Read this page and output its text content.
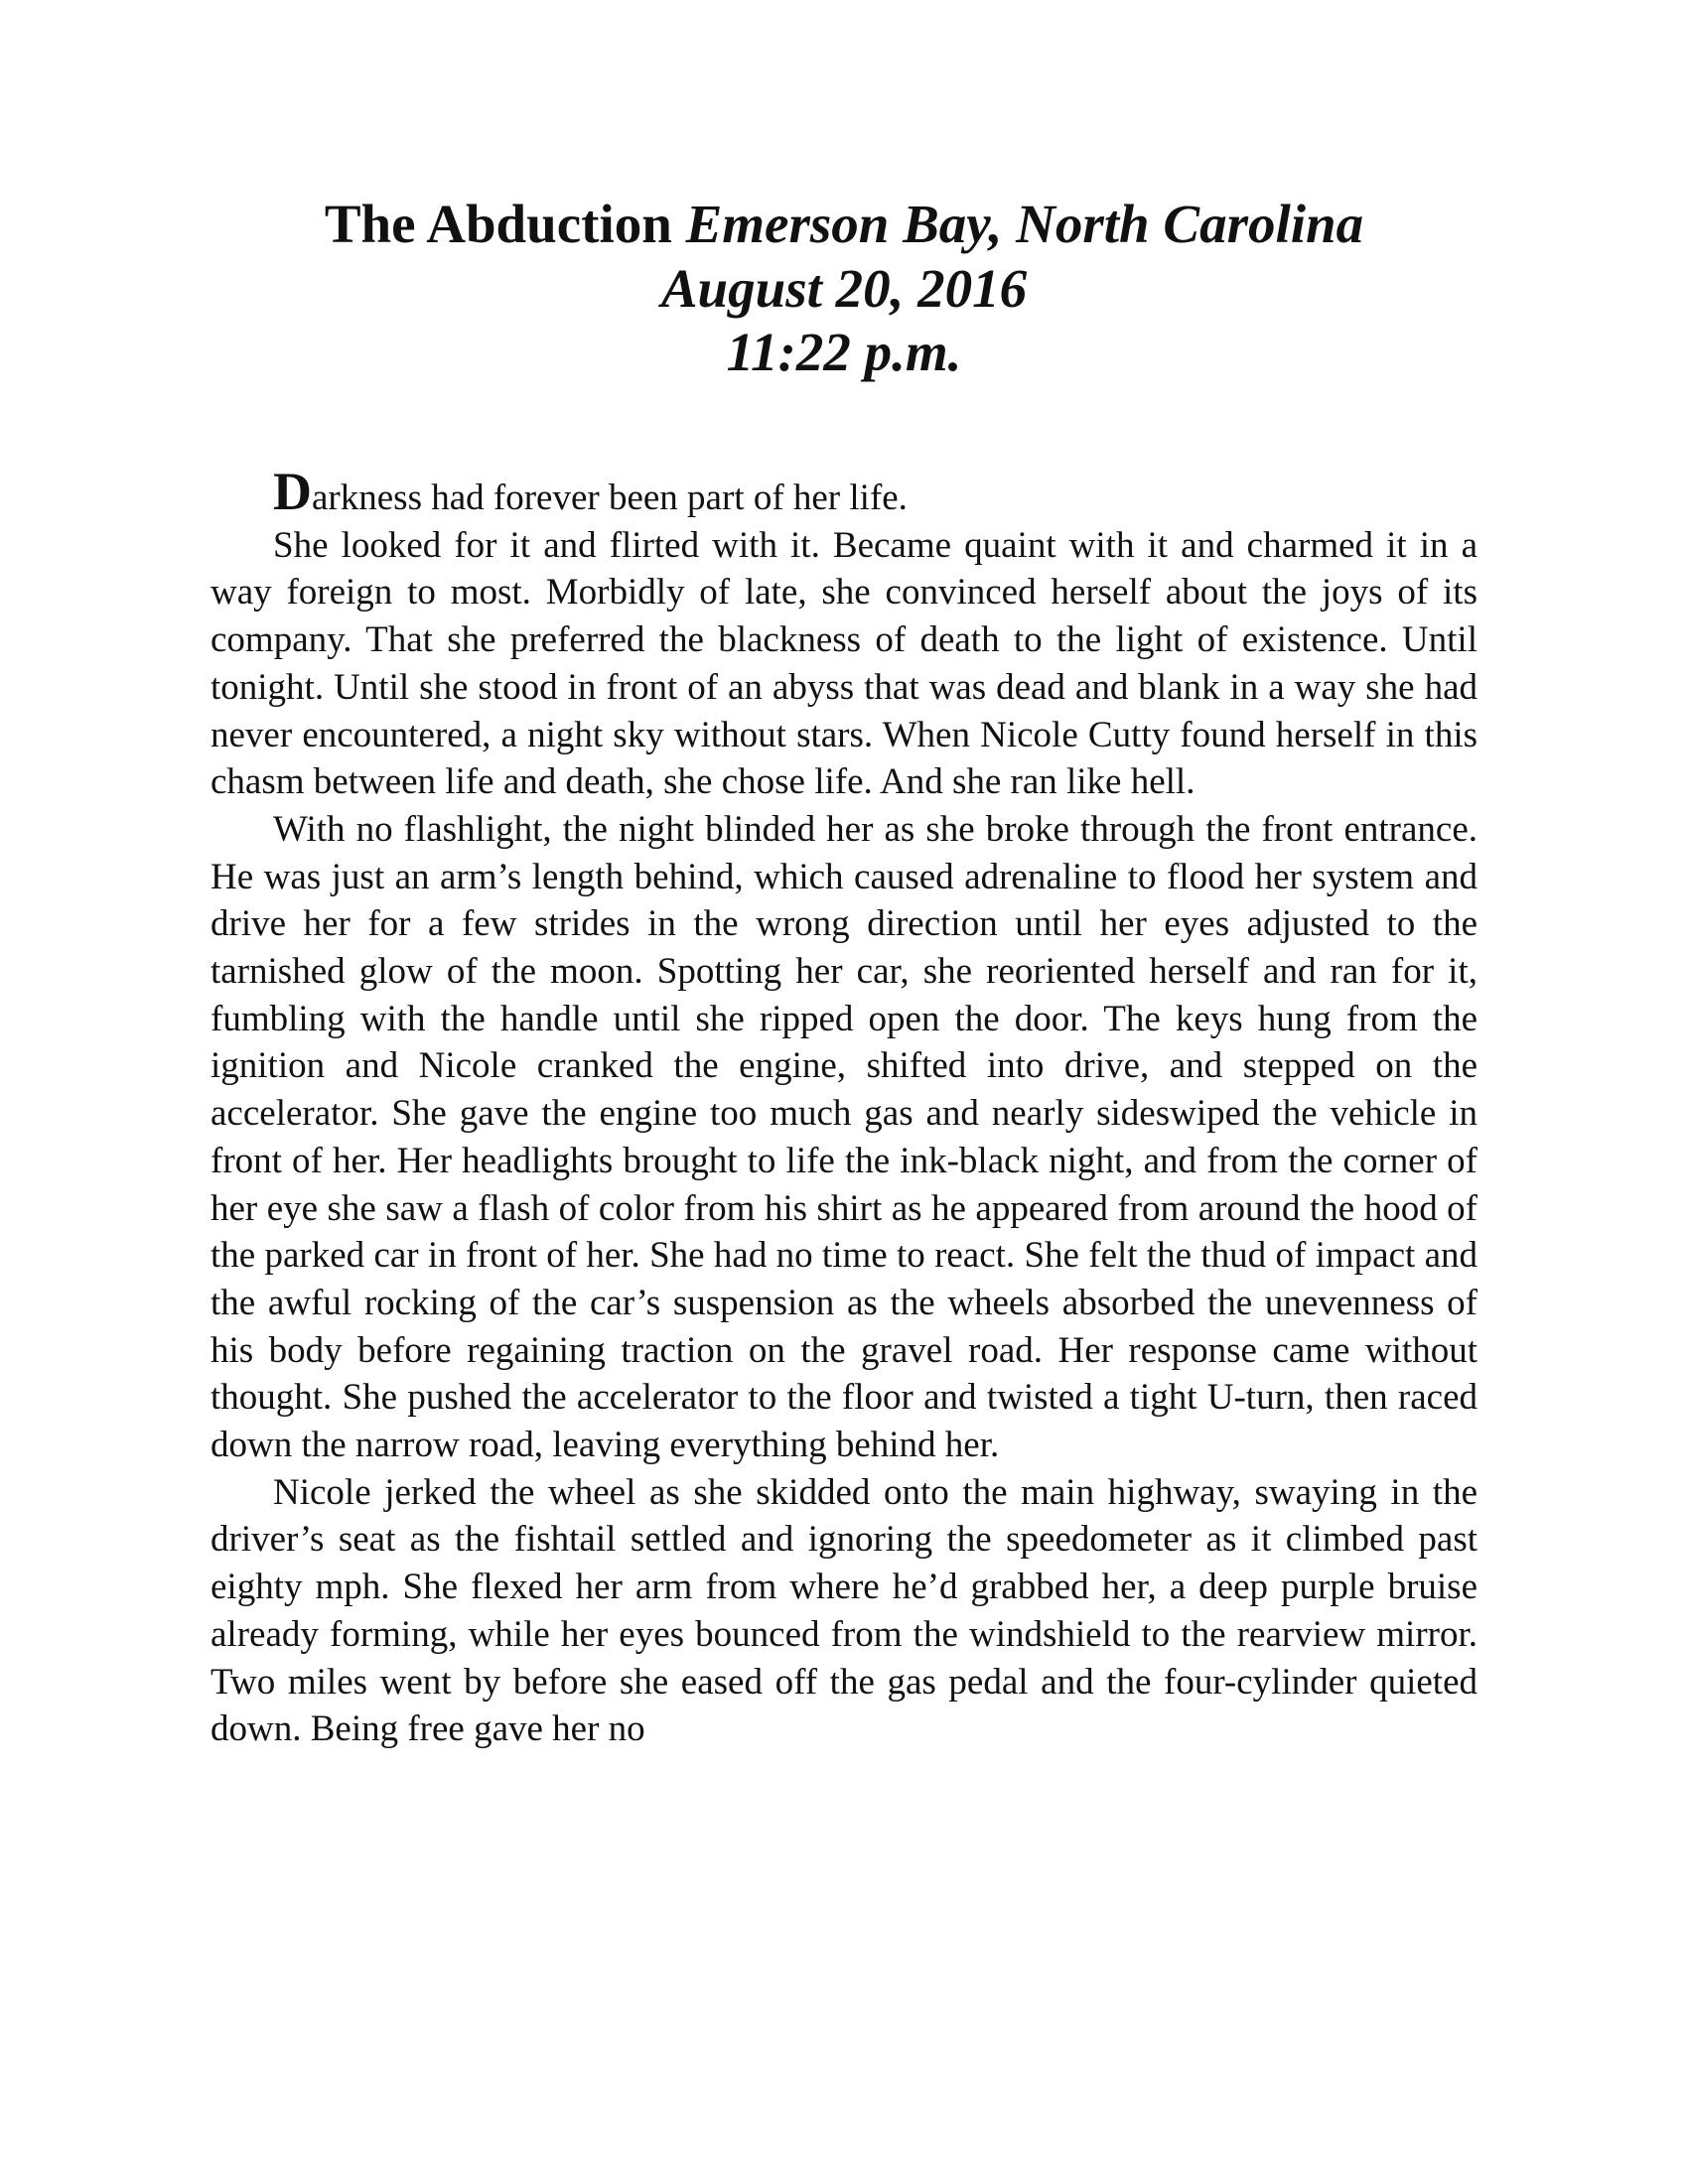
The Abduction Emerson Bay, North Carolina
August 20, 2016
11:22 p.m.

Darkness had forever been part of her life.

She looked for it and flirted with it. Became quaint with it and charmed it in a way foreign to most. Morbidly of late, she convinced herself about the joys of its company. That she preferred the blackness of death to the light of existence. Until tonight. Until she stood in front of an abyss that was dead and blank in a way she had never encountered, a night sky without stars. When Nicole Cutty found herself in this chasm between life and death, she chose life. And she ran like hell.

With no flashlight, the night blinded her as she broke through the front entrance. He was just an arm’s length behind, which caused adrenaline to flood her system and drive her for a few strides in the wrong direction until her eyes adjusted to the tarnished glow of the moon. Spotting her car, she reoriented herself and ran for it, fumbling with the handle until she ripped open the door. The keys hung from the ignition and Nicole cranked the engine, shifted into drive, and stepped on the accelerator. She gave the engine too much gas and nearly sideswiped the vehicle in front of her. Her headlights brought to life the ink-black night, and from the corner of her eye she saw a flash of color from his shirt as he appeared from around the hood of the parked car in front of her. She had no time to react. She felt the thud of impact and the awful rocking of the car’s suspension as the wheels absorbed the unevenness of his body before regaining traction on the gravel road. Her response came without thought. She pushed the accelerator to the floor and twisted a tight U-turn, then raced down the narrow road, leaving everything behind her.

Nicole jerked the wheel as she skidded onto the main highway, swaying in the driver’s seat as the fishtail settled and ignoring the speedometer as it climbed past eighty mph. She flexed her arm from where he’d grabbed her, a deep purple bruise already forming, while her eyes bounced from the windshield to the rearview mirror. Two miles went by before she eased off the gas pedal and the four-cylinder quieted down. Being free gave her no
